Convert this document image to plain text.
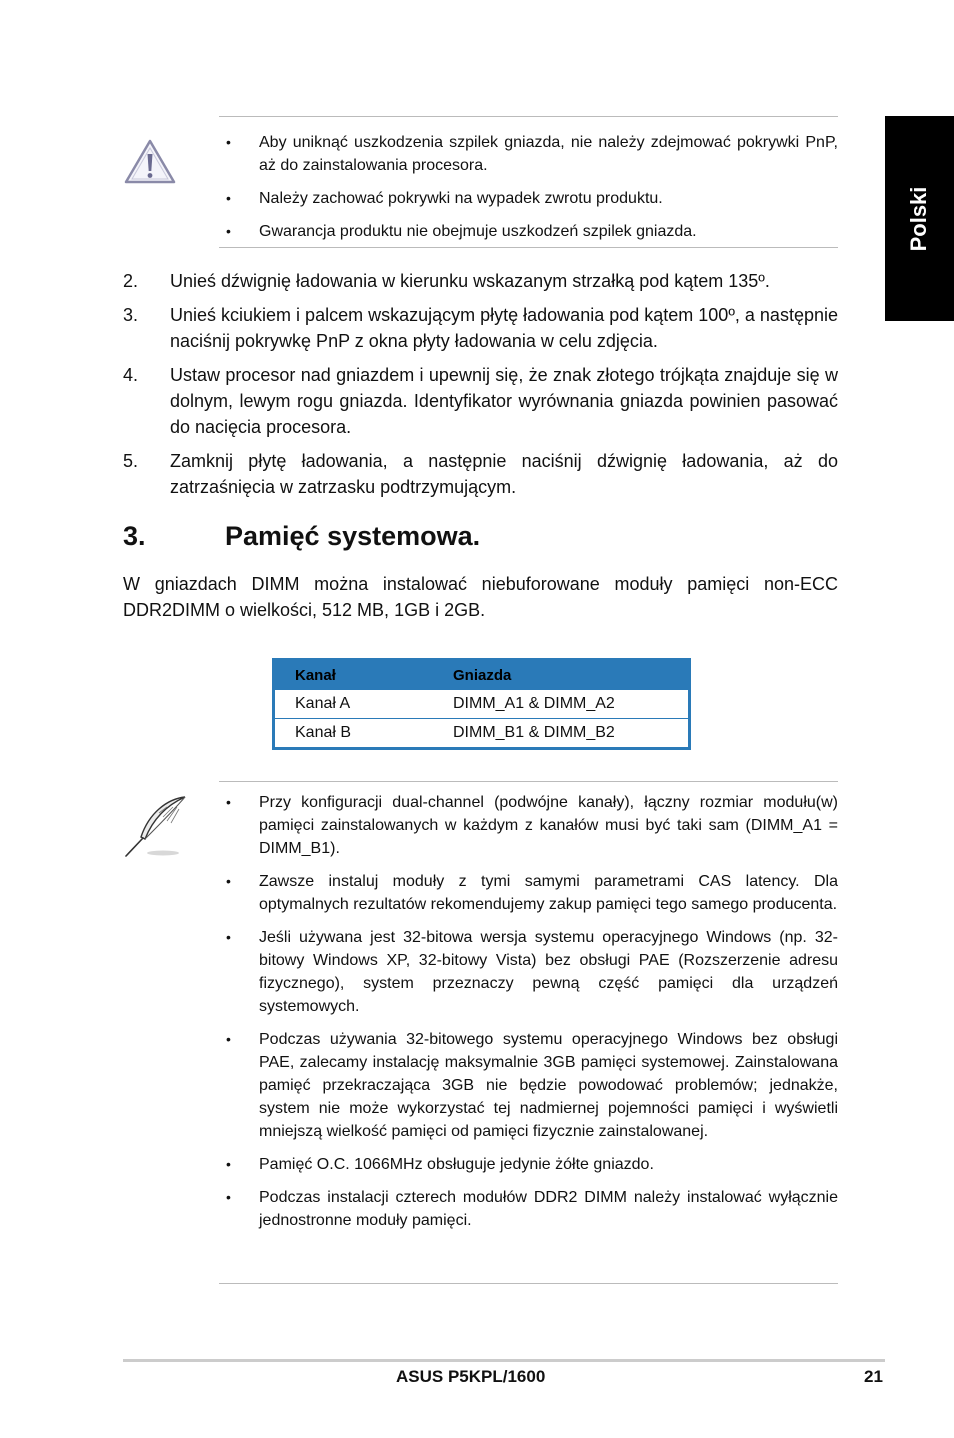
Polski
• Aby uniknąć uszkodzenia szpilek gniazda, nie należy zdejmować pokrywki PnP, aż do zainstalowania procesora.
• Należy zachować pokrywki na wypadek zwrotu produktu.
• Gwarancja produktu nie obejmuje uszkodzeń szpilek gniazda.
2. Unieś dźwignię ładowania w kierunku wskazanym strzałką pod kątem 135º.
3. Unieś kciukiem i palcem wskazującym płytę ładowania pod kątem 100º, a następnie naciśnij pokrywkę PnP z okna płyty ładowania w celu zdjęcia.
4. Ustaw procesor nad gniazdem i upewnij się, że znak złotego trójkąta znajduje się w dolnym, lewym rogu gniazda. Identyfikator wyrównania gniazda powinien pasować do nacięcia procesora.
5. Zamknij płytę ładowania, a następnie naciśnij dźwignię ładowania, aż do zatrzaśnięcia w zatrzasku podtrzymującym.
3.	Pamięć systemowa.

W gniazdach DIMM można instalować niebuforowane moduły pamięci non-ECC DDR2DIMM o wielkości, 512 MB, 1GB i 2GB.

Kanał	Gniazda
Kanał A	DIMM_A1 & DIMM_A2
Kanał B	DIMM_B1 & DIMM_B2
• Przy konfiguracji dual-channel (podwójne kanały), łączny rozmiar modułu(w) pamięci zainstalowanych w każdym z kanałów musi być taki sam (DIMM_A1 = DIMM_B1).
• Zawsze instaluj moduły z tymi samymi parametrami CAS latency. Dla optymalnych rezultatów rekomendujemy zakup pamięci tego samego producenta.
• Jeśli używana jest 32-bitowa wersja systemu operacyjnego Windows (np. 32-bitowy Windows XP, 32-bitowy Vista) bez obsługi PAE (Rozszerzenie adresu fizycznego), system przeznaczy pewną część pamięci dla urządzeń systemowych.
• Podczas używania 32-bitowego systemu operacyjnego Windows bez obsługi PAE, zalecamy instalację maksymalnie 3GB pamięci systemowej. Zainstalowana pamięć przekraczająca 3GB nie będzie powodować problemów; jednakże, system nie może wykorzystać tej nadmiernej pojemności pamięci i wyświetli mniejszą wielkość pamięci od pamięci fizycznie zainstalowanej.
• Pamięć O.C. 1066MHz obsługuje jedynie żółte gniazdo.
• Podczas instalacji czterech modułów DDR2 DIMM należy instalować wyłącznie jednostronne moduły pamięci.
ASUS P5KPL/1600	21
